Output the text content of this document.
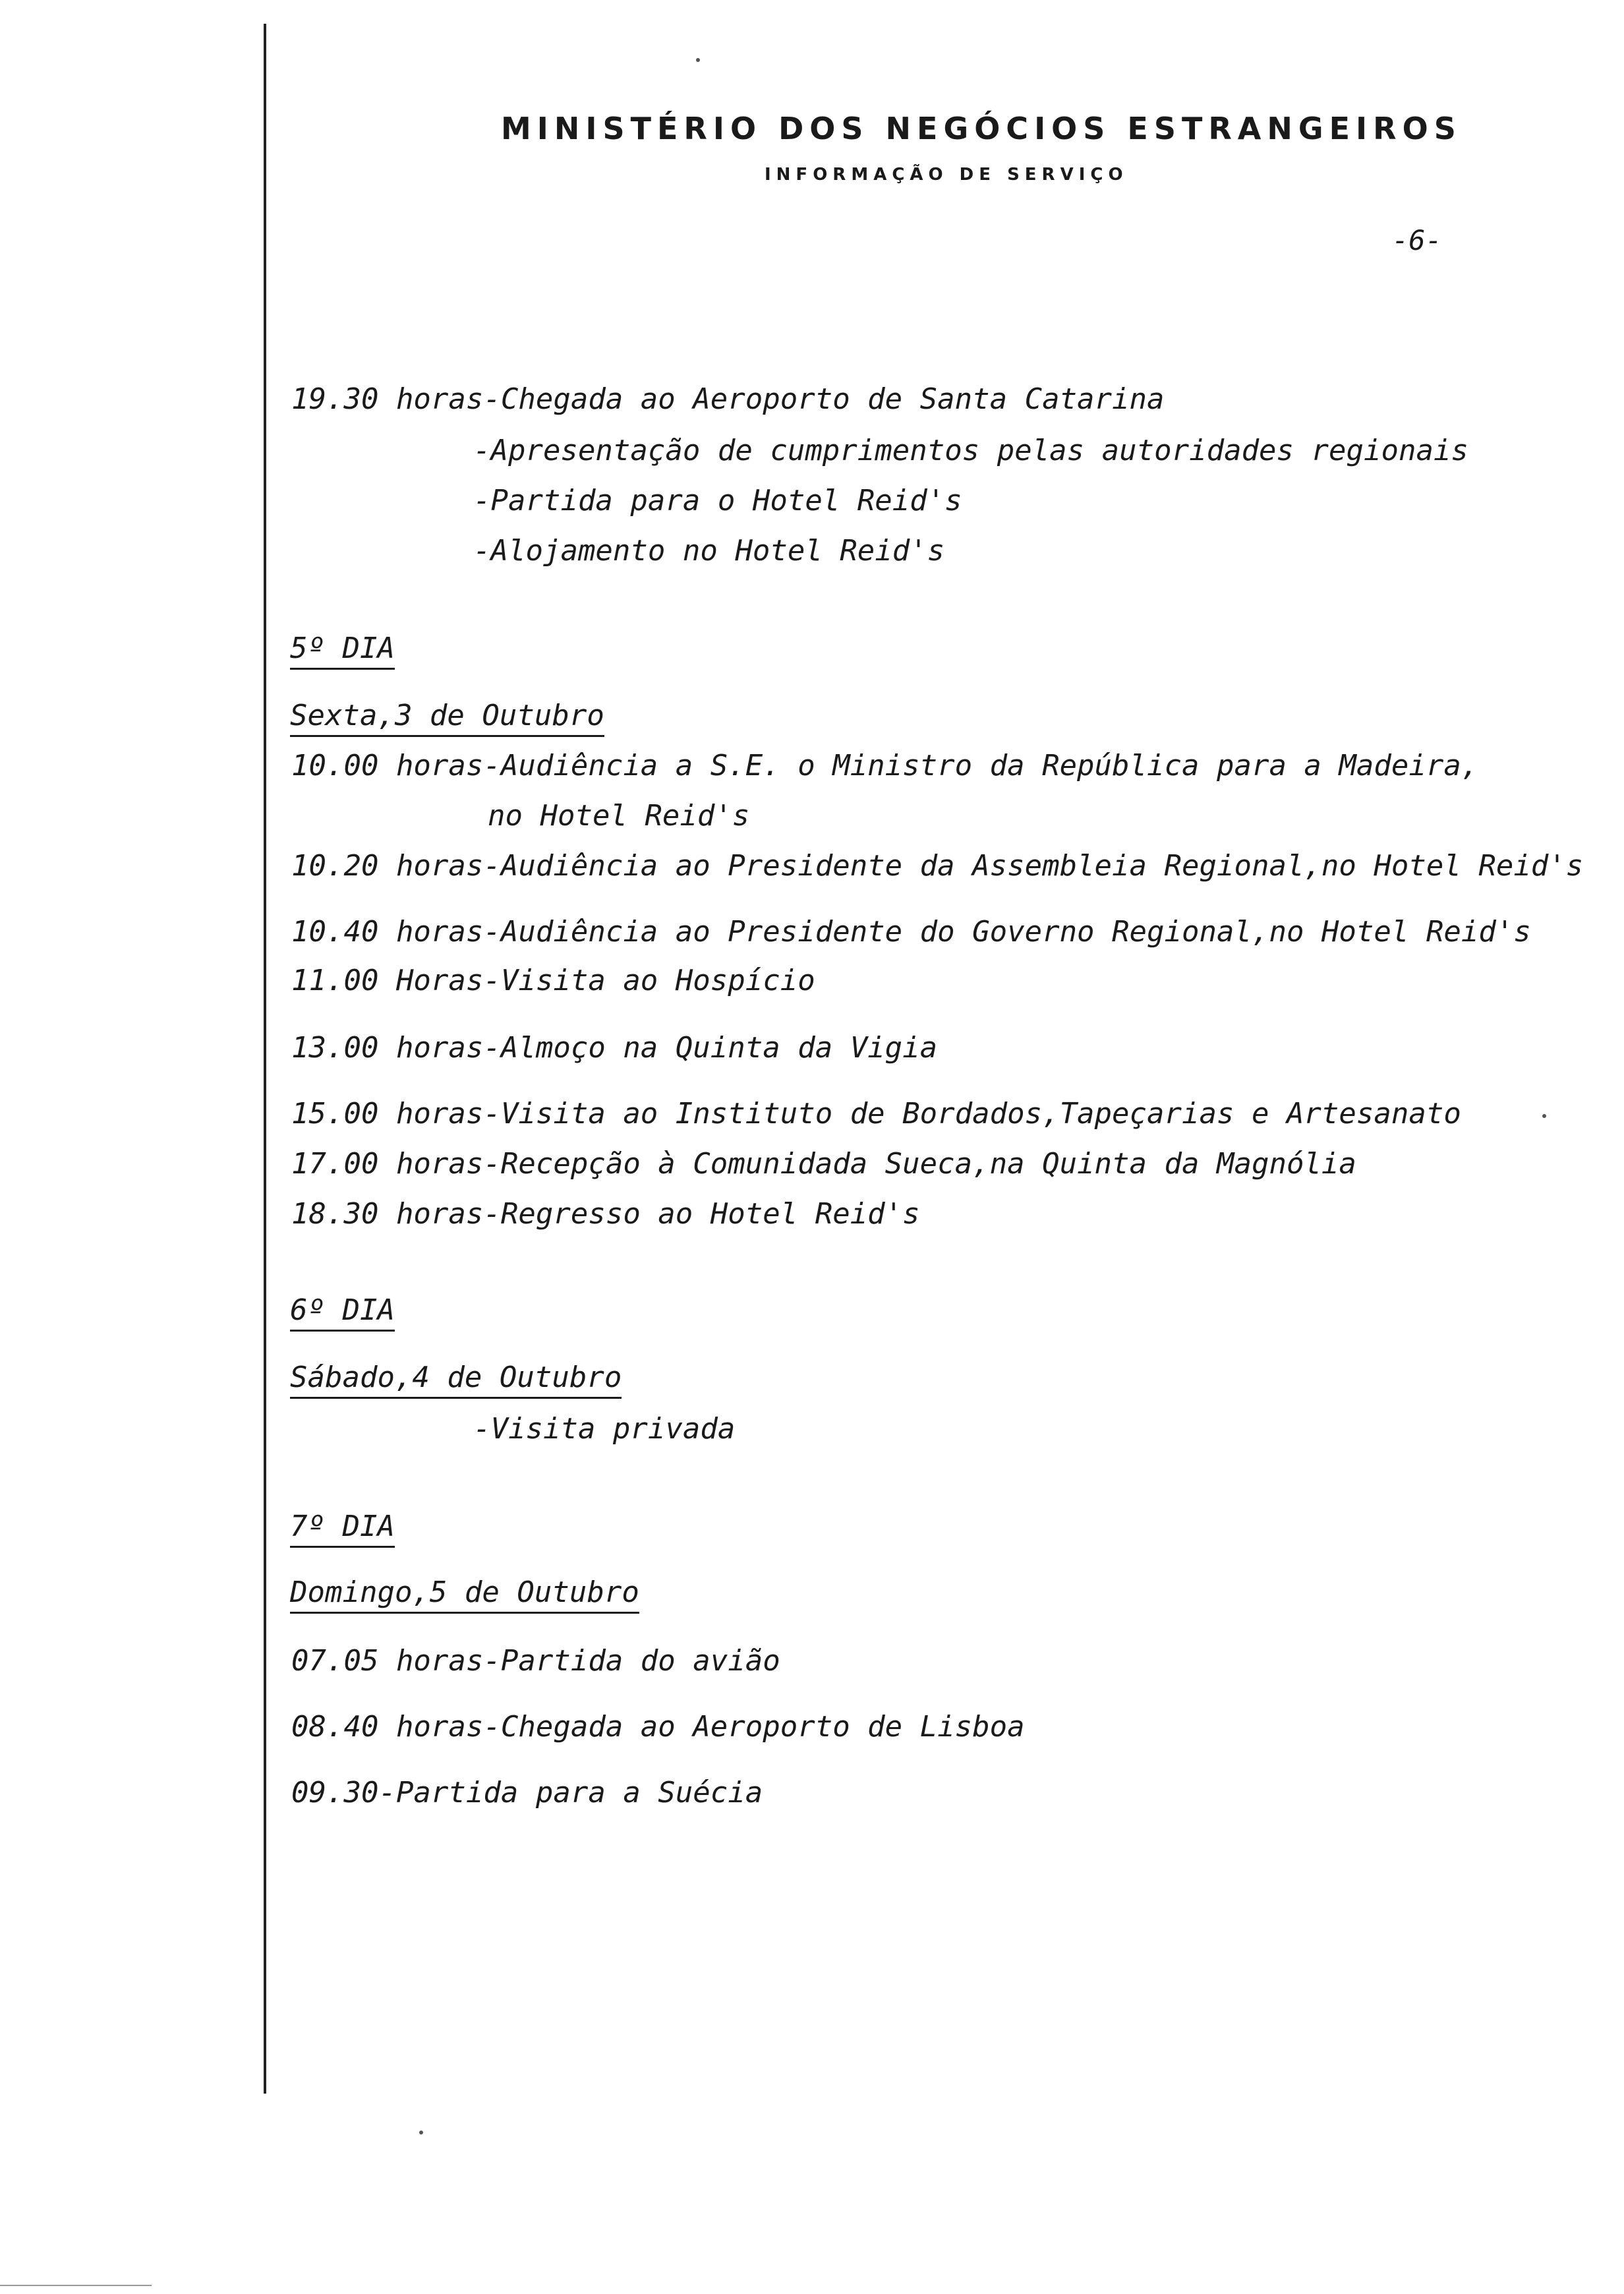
MINISTÉRIO DOS NEGÓCIOS ESTRANGEIROS
INFORMAÇÃO DE SERVIÇO
-6-
19.30 horas-Chegada ao Aeroporto de Santa Catarina
-Apresentação de cumprimentos pelas autoridades regionais
-Partida para o Hotel Reid's
-Alojamento no Hotel Reid's
5º DIA
Sexta,3 de Outubro
10.00 horas-Audiência a S.E. o Ministro da República para a Madeira,
no Hotel Reid's
10.20 horas-Audiência ao Presidente da Assembleia Regional,no Hotel Reid's
10.40 horas-Audiência ao Presidente do Governo Regional,no Hotel Reid's
11.00 Horas-Visita ao Hospício
13.00 horas-Almoço na Quinta da Vigia
15.00 horas-Visita ao Instituto de Bordados,Tapeçarias e Artesanato
17.00 horas-Recepção à Comunidada Sueca,na Quinta da Magnólia
18.30 horas-Regresso ao Hotel Reid's
6º DIA
Sábado,4 de Outubro
-Visita privada
7º DIA
Domingo,5 de Outubro
07.05 horas-Partida do avião
08.40 horas-Chegada ao Aeroporto de Lisboa
09.30-Partida para a Suécia
